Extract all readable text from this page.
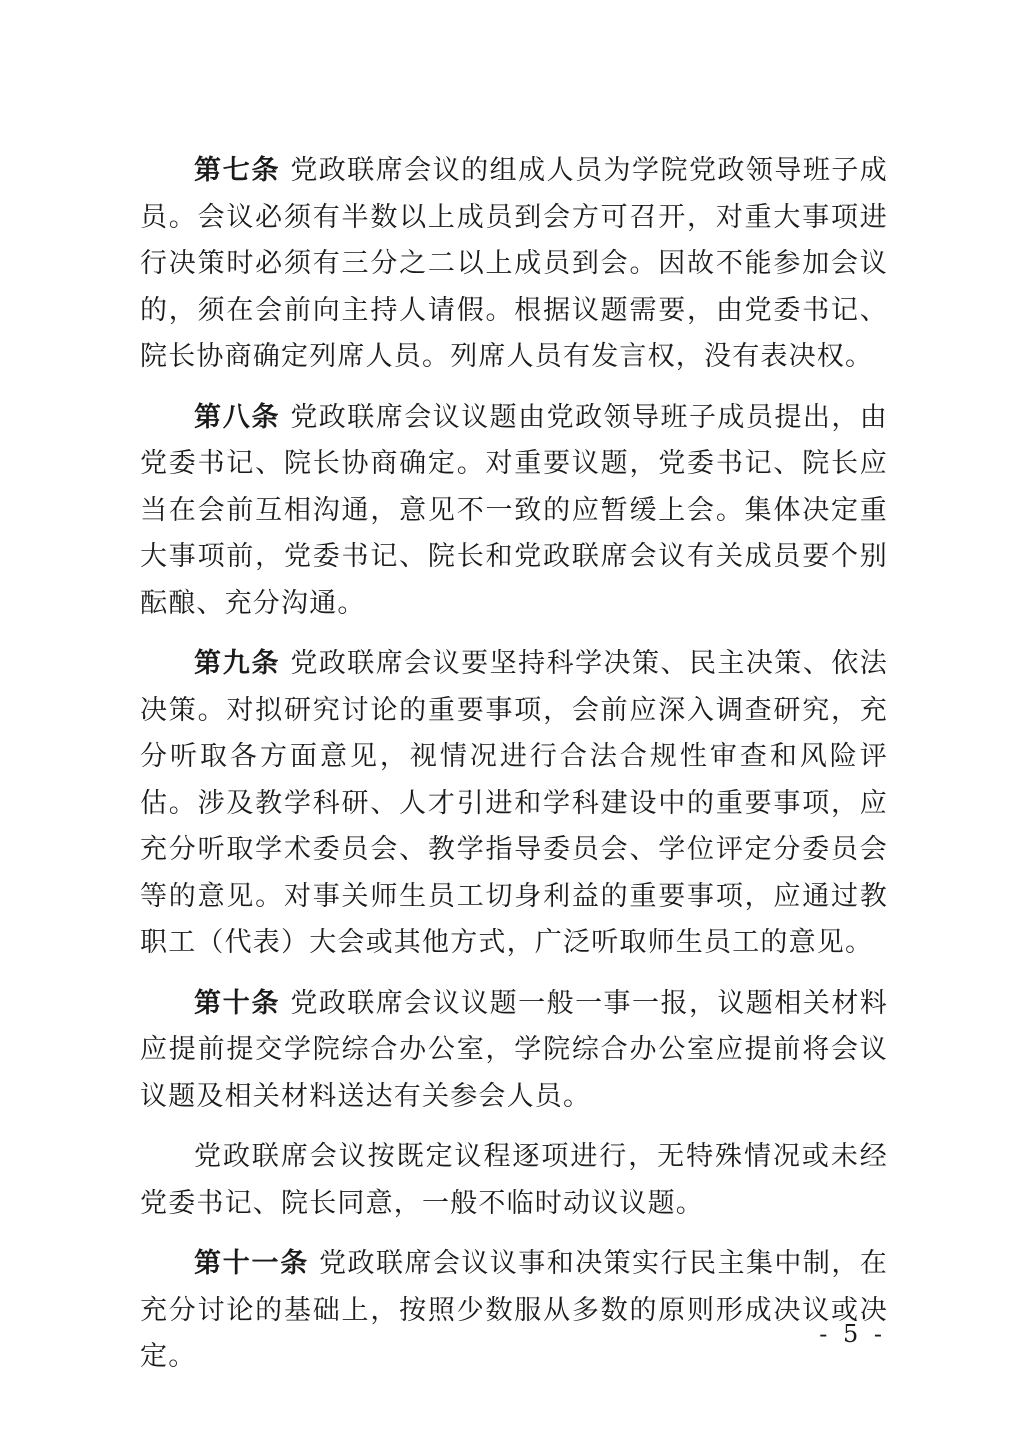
第七条 党政联席会议的组成人员为学院党政领导班子成员。会议必须有半数以上成员到会方可召开，对重大事项进行决策时必须有三分之二以上成员到会。因故不能参加会议的，须在会前向主持人请假。根据议题需要，由党委书记、院长协商确定列席人员。列席人员有发言权，没有表决权。

第八条 党政联席会议议题由党政领导班子成员提出，由党委书记、院长协商确定。对重要议题，党委书记、院长应当在会前互相沟通，意见不一致的应暂缓上会。集体决定重大事项前，党委书记、院长和党政联席会议有关成员要个别酝酿、充分沟通。

第九条 党政联席会议要坚持科学决策、民主决策、依法决策。对拟研究讨论的重要事项，会前应深入调查研究，充分听取各方面意见，视情况进行合法合规性审查和风险评估。涉及教学科研、人才引进和学科建设中的重要事项，应充分听取学术委员会、教学指导委员会、学位评定分委员会等的意见。对事关师生员工切身利益的重要事项，应通过教职工（代表）大会或其他方式，广泛听取师生员工的意见。

第十条 党政联席会议议题一般一事一报，议题相关材料应提前提交学院综合办公室，学院综合办公室应提前将会议议题及相关材料送达有关参会人员。

党政联席会议按既定议程逐项进行，无特殊情况或未经党委书记、院长同意，一般不临时动议议题。

第十一条 党政联席会议议事和决策实行民主集中制，在充分讨论的基础上，按照少数服从多数的原则形成决议或决定。

- 5 -
